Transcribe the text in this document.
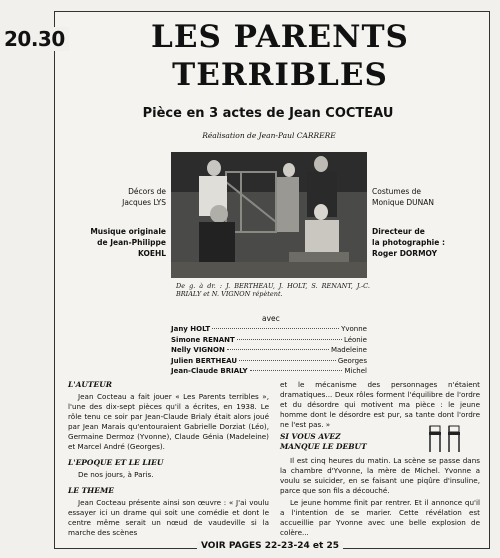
20.30	LES PARENTS
TERRIBLES
Pièce en 3 actes de Jean COCTEAU
Réalisation de Jean-Paul CARRERE
Décors de
Jacques LYS
Musique originale
de Jean-Philippe
KOEHL
Costumes de
Monique DUNAN
Directeur de
la photographie :
Roger DORMOY
De g. à dr. : J. BERTHEAU, J. HOLT, S. RENANT, J.-C. BRIALY et N. VIGNON répètent.
avec
Jany HOLT	Yvonne
Simone RENANT	Léonie
Nelly VIGNON	Madeleine
Julien BERTHEAU	Georges
Jean-Claude BRIALY	Michel
L'AUTEUR
Jean Cocteau a fait jouer « Les Parents terribles », l'une des dix-sept pièces qu'il a écrites, en 1938. Le rôle tenu ce soir par Jean-Claude Brialy était alors joué par Jean Marais qu'entouraient Gabrielle Dorziat (Léo), Germaine Dermoz (Yvonne), Claude Génia (Madeleine) et Marcel André (Georges).
L'EPOQUE ET LE LIEU
De nos jours, à Paris.
LE THEME
Jean Cocteau présente ainsi son œuvre : « J'ai voulu essayer ici un drame qui soit une comédie et dont le centre même serait un nœud de vaudeville si la marche des scènes
et le mécanisme des personnages n'étaient dramatiques... Deux rôles forment l'équilibre de l'ordre et du désordre qui motivent ma pièce : le jeune homme dont le désordre est pur, sa tante dont l'ordre ne l'est pas. »
SI VOUS AVEZ
MANQUE LE DEBUT
Il est cinq heures du matin. La scène se passe dans la chambre d'Yvonne, la mère de Michel. Yvonne a voulu se suicider, en se faisant une piqûre d'insuline, parce que son fils a découché.
Le jeune homme finit par rentrer. Et il annonce qu'il a l'intention de se marier. Cette révélation est accueillie par Yvonne avec une belle explosion de colère...
VOIR PAGES 22-23-24 et 25
